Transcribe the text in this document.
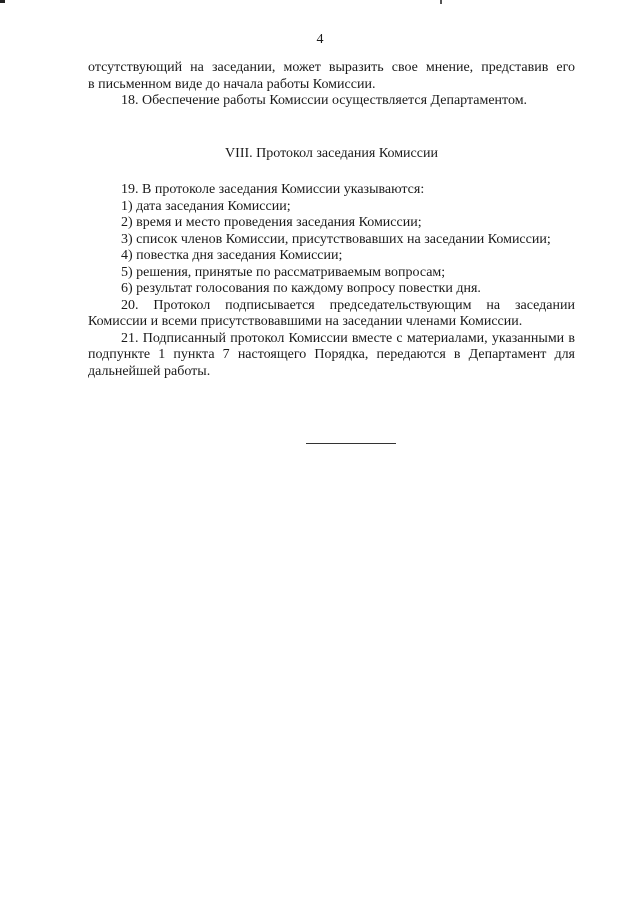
4

отсутствующий на заседании, может выразить свое мнение, представив его

в письменном виде до начала работы Комиссии.

18. Обеспечение работы Комиссии осуществляется Департаментом.

VIII. Протокол заседания Комиссии

19. В протоколе заседания Комиссии указываются:

1) дата заседания Комиссии;

2) время и место проведения заседания Комиссии;

3) список членов Комиссии, присутствовавших на заседании Комиссии;

4) повестка дня заседания Комиссии;

5) решения, принятые по рассматриваемым вопросам;

6) результат голосования по каждому вопросу повестки дня.

20. Протокол подписывается председательствующим на заседании Комиссии и всеми присутствовавшими на заседании членами Комиссии.

21. Подписанный протокол Комиссии вместе с материалами, указанными в подпункте 1 пункта 7 настоящего Порядка, передаются в Департамент для дальнейшей работы.
